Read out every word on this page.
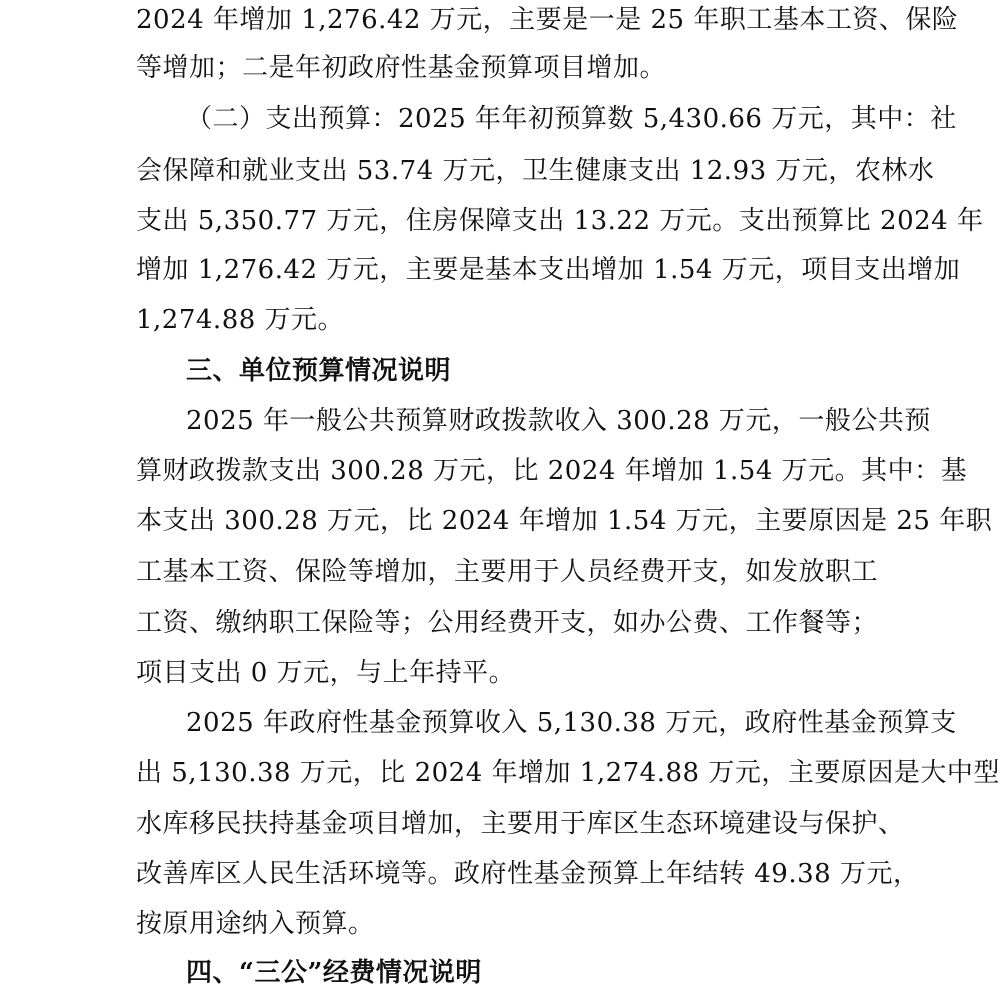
2024 年增加 1,276.42 万元，主要是一是 25 年职工基本工资、保险
等增加；二是年初政府性基金预算项目增加。
（二）支出预算：2025 年年初预算数 5,430.66 万元，其中：社
会保障和就业支出 53.74 万元，卫生健康支出 12.93 万元，农林水
支出 5,350.77 万元，住房保障支出 13.22 万元。支出预算比 2024 年
增加 1,276.42 万元，主要是基本支出增加 1.54 万元，项目支出增加
1,274.88 万元。
三、单位预算情况说明
2025 年一般公共预算财政拨款收入 300.28 万元，一般公共预
算财政拨款支出 300.28 万元，比 2024 年增加 1.54 万元。其中：基
本支出 300.28 万元，比 2024 年增加 1.54 万元，主要原因是 25 年职
工基本工资、保险等增加，主要用于人员经费开支，如发放职工
工资、缴纳职工保险等；公用经费开支，如办公费、工作餐等；
项目支出 0 万元，与上年持平。
2025 年政府性基金预算收入 5,130.38 万元，政府性基金预算支
出 5,130.38 万元，比 2024 年增加 1,274.88 万元，主要原因是大中型
水库移民扶持基金项目增加，主要用于库区生态环境建设与保护、
改善库区人民生活环境等。政府性基金预算上年结转 49.38 万元，
按原用途纳入预算。
四、“三公”经费情况说明
